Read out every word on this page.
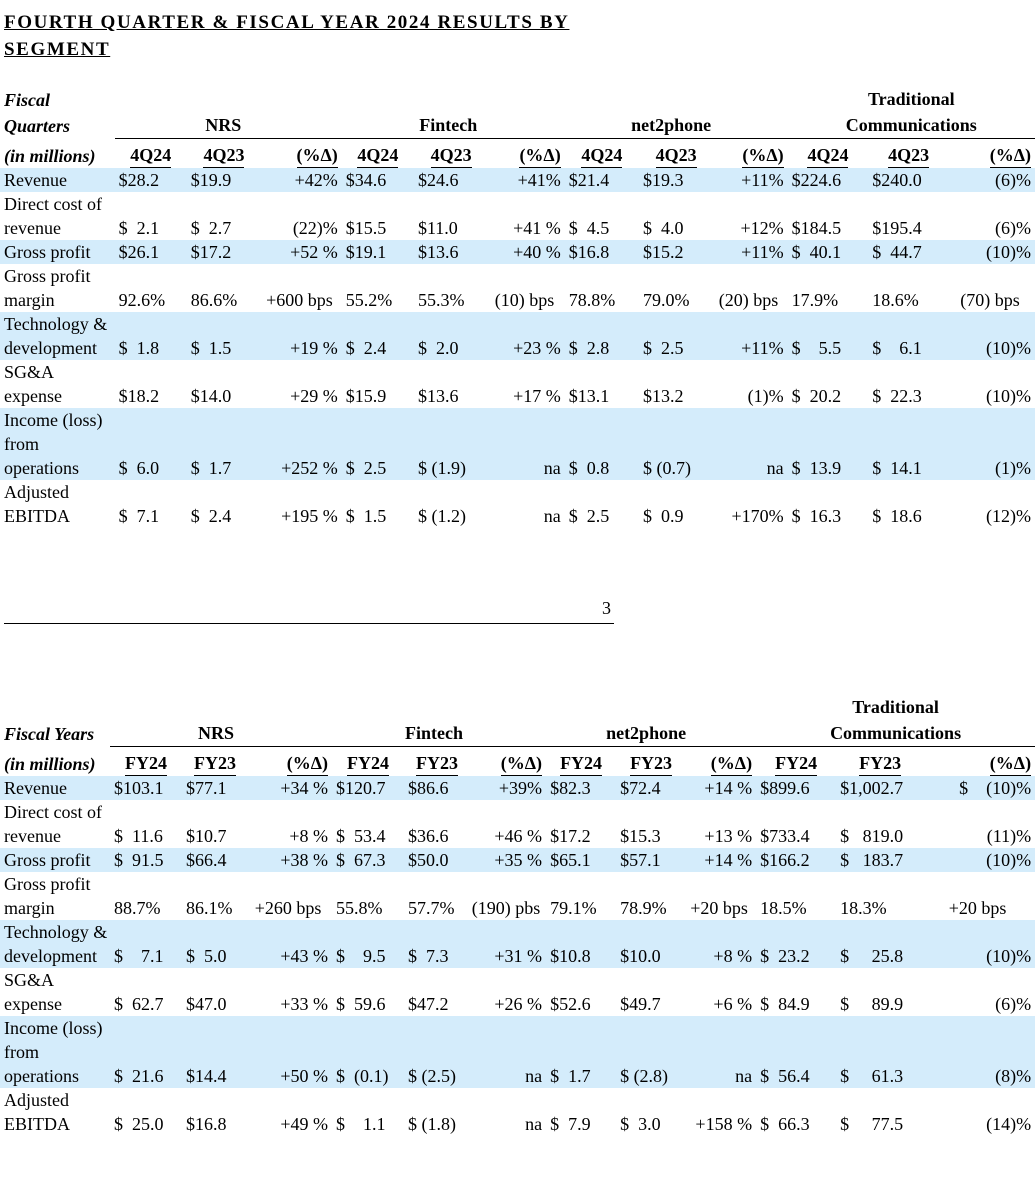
FOURTH QUARTER & FISCAL YEAR 2024 RESULTS BY SEGMENT
Fiscal
Quarters	NRS			Fintech			net2phone			Traditional
Communications		
(in millions)	4Q24	4Q23	(%Δ)	4Q24	4Q23	(%Δ)	4Q24	4Q23	(%Δ)	4Q24	4Q23	(%Δ)
Revenue	$28.2	$19.9	+42%	$34.6	$24.6	+41%	$21.4	$19.3	+11%	$224.6	$240.0	(6)%
Direct cost of revenue	$  2.1	$  2.7	(22)%	$15.5	$11.0	+41 %	$  4.5	$  4.0	+12%	$184.5	$195.4	(6)%
Gross profit	$26.1	$17.2	+52 %	$19.1	$13.6	+40 %	$16.8	$15.2	+11%	$  40.1	$  44.7	(10)%
Gross profit margin	92.6%	86.6%	+600 bps	55.2%	55.3%	(10) bps	78.8%	79.0%	(20) bps	17.9%	18.6%	(70) bps
Technology & development	$  1.8	$  1.5	+19 %	$  2.4	$  2.0	+23 %	$  2.8	$  2.5	+11%	$    5.5	$    6.1	(10)%
SG&A expense	$18.2	$14.0	+29 %	$15.9	$13.6	+17 %	$13.1	$13.2	(1)%	$  20.2	$  22.3	(10)%
Income (loss) from operations	$  6.0	$  1.7	+252 %	$  2.5	$ (1.9)	na	$  0.8	$ (0.7)	na	$  13.9	$  14.1	(1)%
Adjusted EBITDA	$  7.1	$  2.4	+195 %	$  1.5	$ (1.2)	na	$  2.5	$  0.9	+170%	$  16.3	$  18.6	(12)%
3
Fiscal Years	NRS			Fintech			net2phone			Traditional
Communications		
(in millions)	FY24	FY23	(%Δ)	FY24	FY23	(%Δ)	FY24	FY23	(%Δ)	FY24	FY23	(%Δ)
Revenue	$103.1	$77.1	+34 %	$120.7	$86.6	+39%	$82.3	$72.4	+14 %	$899.6	$1,002.7	$    (10)%
Direct cost of revenue	$  11.6	$10.7	+8 %	$  53.4	$36.6	+46 %	$17.2	$15.3	+13 %	$733.4	$   819.0	(11)%
Gross profit	$  91.5	$66.4	+38 %	$  67.3	$50.0	+35 %	$65.1	$57.1	+14 %	$166.2	$   183.7	(10)%
Gross profit margin	88.7%	86.1%	+260 bps	55.8%	57.7%	(190) pbs	79.1%	78.9%	+20 bps	18.5%	18.3%	+20 bps
Technology & development	$    7.1	$  5.0	+43 %	$    9.5	$  7.3	+31 %	$10.8	$10.0	+8 %	$  23.2	$     25.8	(10)%
SG&A expense	$  62.7	$47.0	+33 %	$  59.6	$47.2	+26 %	$52.6	$49.7	+6 %	$  84.9	$     89.9	(6)%
Income (loss) from operations	$  21.6	$14.4	+50 %	$  (0.1)	$ (2.5)	na	$  1.7	$ (2.8)	na	$  56.4	$     61.3	(8)%
Adjusted EBITDA	$  25.0	$16.8	+49 %	$    1.1	$ (1.8)	na	$  7.9	$  3.0	+158 %	$  66.3	$     77.5	(14)%
